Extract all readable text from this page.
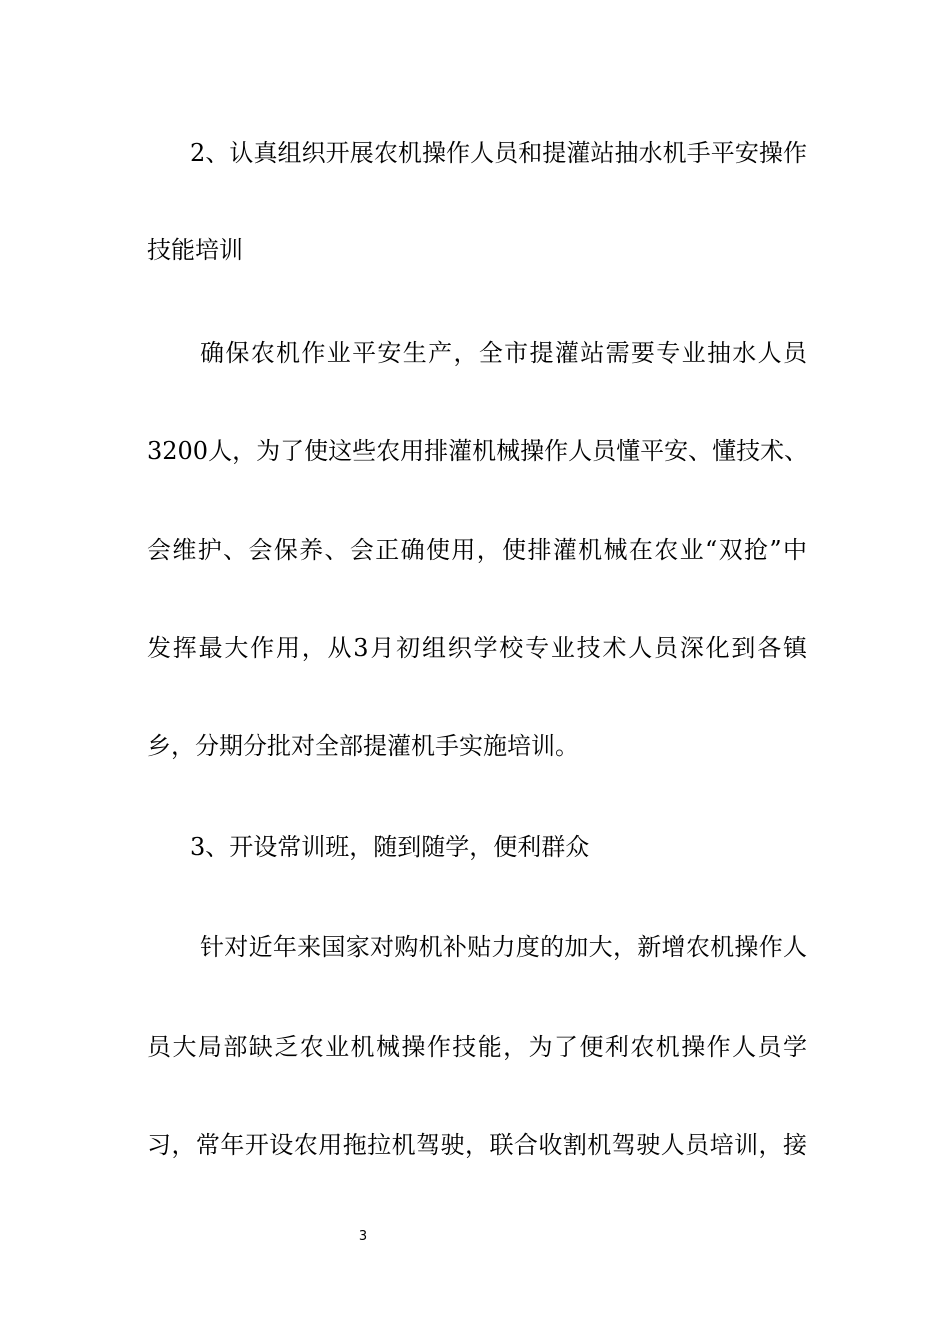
2、认真组织开展农机操作人员和提灌站抽水机手平安操作
技能培训
确保农机作业平安生产，全市提灌站需要专业抽水人员
3200人，为了使这些农用排灌机械操作人员懂平安、懂技术、
会维护、会保养、会正确使用，使排灌机械在农业“双抢”中
发挥最大作用，从3月初组织学校专业技术人员深化到各镇
乡，分期分批对全部提灌机手实施培训。
3、开设常训班，随到随学，便利群众
针对近年来国家对购机补贴力度的加大，新增农机操作人
员大局部缺乏农业机械操作技能，为了便利农机操作人员学
习，常年开设农用拖拉机驾驶，联合收割机驾驶人员培训，接
3
